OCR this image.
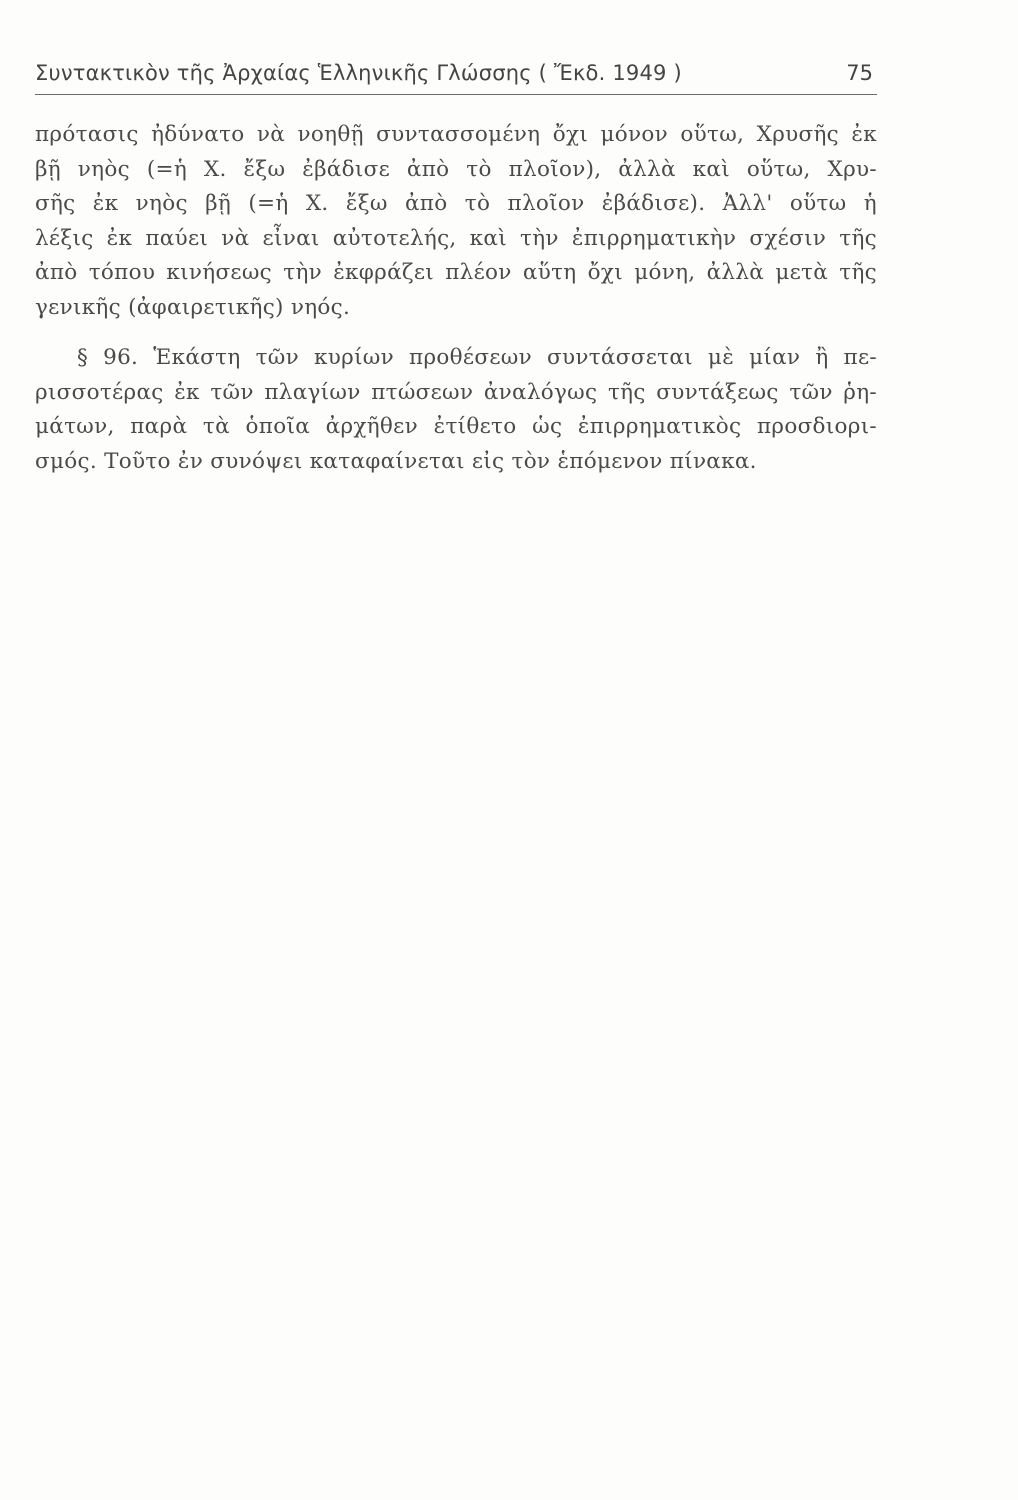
Συντακτικὸν τῆς Ἀρχαίας Ἑλληνικῆς Γλώσσης ( Ἔκδ. 1949 )	75
πρότασις ἠδύνατο νὰ νοηθῇ συντασσομένη ὄχι μόνον οὕτω, Χρυσῆς ἐκ
βῇ νηὸς (=ἡ Χ. ἔξω ἐβάδισε ἀπὸ τὸ πλοῖον), ἀλλὰ καὶ οὕτω, Χρυ-
σῆς ἐκ νηὸς βῇ (=ἡ Χ. ἔξω ἀπὸ τὸ πλοῖον ἐβάδισε). Ἀλλ' οὕτω ἡ
λέξις ἐκ παύει νὰ εἶναι αὐτοτελής, καὶ τὴν ἐπιρρηματικὴν σχέσιν τῆς
ἀπὸ τόπου κινήσεως τὴν ἐκφράζει πλέον αὕτη ὄχι μόνη, ἀλλὰ μετὰ τῆς
γενικῆς (ἀφαιρετικῆς) νηός.
§ 96. Ἑκάστη τῶν κυρίων προθέσεων συντάσσεται μὲ μίαν ἢ πε-
ρισσοτέρας ἐκ τῶν πλαγίων πτώσεων ἀναλόγως τῆς συντάξεως τῶν ῥη-
μάτων, παρὰ τὰ ὁποῖα ἀρχῆθεν ἐτίθετο ὡς ἐπιρρηματικὸς προσδιορι-
σμός. Τοῦτο ἐν συνόψει καταφαίνεται εἰς τὸν ἑπόμενον πίνακα.
